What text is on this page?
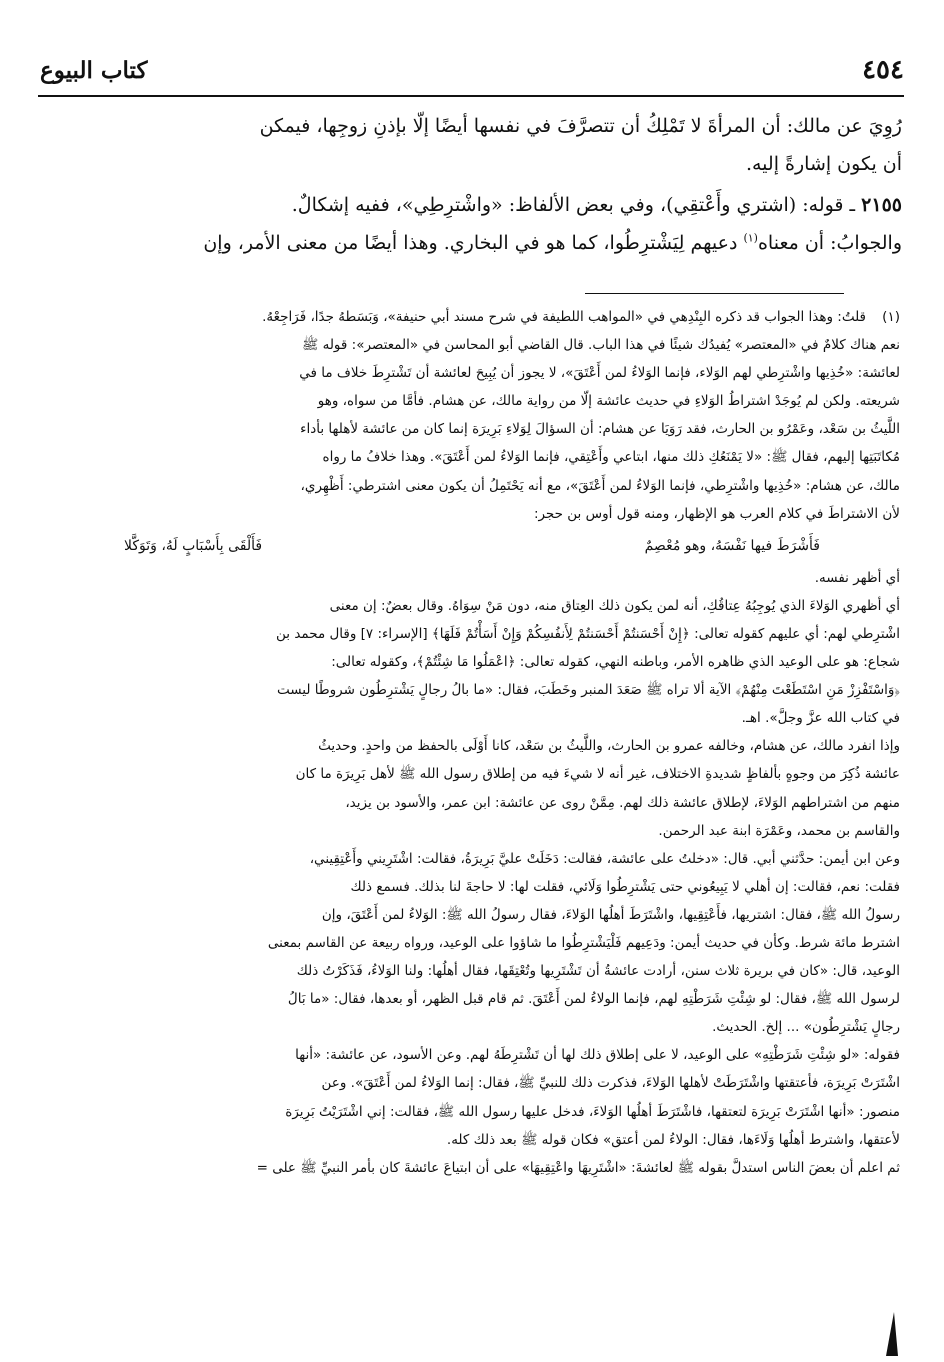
٤٥٤
كتاب البيوع

رُوِيَ عن مالك: أن المرأةَ لا تَمْلِكُ أن تتصرَّفَ في نفسها أيضًا إلّا بإذنِ زوجِها، فيمكن

أن يكون إشارةً إليه.

٢١٥٥ ـ قوله: (اشتري وأَعْتقِي)، وفي بعض الألفاظ: «واشْترِطِي»، ففيه إشكالٌ.

والجوابُ: أن معناه$^{(١)}$ دعيهم لِيَشْترِطُوا، كما هو في البخاري. وهذا أيضًا من معنى الأمر، وإن

(١)قلتُ: وهذا الجواب قد ذكره البِنْدِهي في «المواهب اللطيفة في شرح مسند أبي حنيفة»، وَبَسَطهُ جدًا، فَرَاجِعْهُ.

نعم هناك كلامٌ في «المعتصر» يُفيدُك شيئًا في هذا الباب. قال القاضي أبو المحاسن في «المعتصر»: قوله ﷺ

لعائشة: «خُذِيها واشْترِطي لهم الوَلاء، فإنما الوَلاءُ لمن أَعْتَقَ»، لا يجوز أن يُبِيحَ لعائشة أن تَشْترِطَ خلاف ما في

شريعته. ولكن لم يُوجَدْ اشتراطُ الوَلاءِ في حديث عائشة إلّا من رواية مالك، عن هشام. فأمَّا من سواه، وهو

اللَّيثُ بن سَعْد، وعَمْرُو بن الحارث، فقد رَوَيَا عن هشام: أن السؤالَ لِوَلاءِ بَرِيرَة إنما كان من عائشة لأهلها بأداء

مُكاتَبَتِها إليهم، فقال ﷺ: «لا يَمْنَعُكِ ذلك منها، ابتاعي وأَعْتِقي، فإنما الوَلاءُ لمن أَعْتَقَ». وهذا خلافُ ما رواه

مالك، عن هشام: «خُذِيها واشْترِطي، فإنما الوَلاءُ لمن أَعْتَقَ»، مع أنه يَحْتَمِلُ أن يكون معنى اشترطي: أَظْهِري،

لأن الاشتراطَ في كلام العرب هو الإظهار، ومنه قول أوس بن حجر:

فَأَشْرَطَ فيها نَفْسَهُ، وهو مُعْصِمٌ
فَأَلْقَى بِأَسْبَابٍ لَهُ، وَتَوَكَّلا

أي أظهر نفسه.

أي أظهري الوَلاءَ الذي يُوجِبُهُ عِتاقُكِ، أنه لمن يكون ذلك العِتاق منه، دون مَنْ سِوَاهُ. وقال بعضٌ: إن معنى

اشْترِطي لهم: أي عليهم كقوله تعالى: ﴿إِنْ أَحْسَنتُمْ أَحْسَنتُمْ لِأَنفُسِكُمْ وَإِنْ أَسَأْتُمْ فَلَهَا﴾ [الإسراء: ٧] وقال محمد بن

شجاع: هو على الوعيد الذي ظاهره الأمر، وباطنه النهي، كقوله تعالى: ﴿اعْمَلُوا مَا شِئْتُمْ﴾، وكقوله تعالى:

﴿وَاسْتَفْزِزْ مَنِ اسْتَطَعْتَ مِنْهُمْ﴾ الآية ألا تراه ﷺ صَعَدَ المنبر وخَطَبَ، فقال: «ما بالُ رجالٍ يَشْترِطُون شروطًا ليست

في كتاب الله عزَّ وجلَّ». اهـ.

وإذا انفرد مالك، عن هشام، وخالفه عمرو بن الحارث، واللَّيثُ بن سَعْد، كانا أَوْلَى بالحفظ من واحدٍ. وحديثُ

عائشة ذُكِرَ من وجوهٍ بألفاظٍ شديدةِ الاختلاف، غير أنه لا شيءَ فيه من إطلاق رسول الله ﷺ لأهل بَرِيرَة ما كان

منهم من اشتراطهم الوَلاءَ، لإطلاق عائشة ذلك لهم. مِمَّنْ روى عن عائشة: ابن عمر، والأسود بن يزيد،

والقاسم بن محمد، وعَمْرَة ابنة عبد الرحمن.

وعن ابن أيمن: حدَّثني أبي. قال: «دخلتُ على عائشة، فقالت: دَخَلَتْ عليَّ بَرِيرَةُ، فقالت: اشْتَرِيني وأَعْتِقِيني،

فقلت: نعم، فقالت: إن أهلي لا يَبِيعُوني حتى يَشْترِطُوا وَلَائي، فقلت لها: لا حاجةَ لنا بذلك. فسمع ذلك

رسولُ الله ﷺ، فقال: اشتريها، فأَعْتِقِيها، واشْتَرَطَ أهلُها الوَلاءَ، فقال رسولُ الله ﷺ: الوَلاءُ لمن أَعْتَقَ، وإن

اشترط مائة شرط. وكأن في حديث أيمن: ودَعِيهم فَلْيَشْترِطُوا ما شاؤوا على الوعيد، ورواه ربيعة عن القاسم بمعنى

الوعيد، قال: «كان في بريرة ثلاث سنن، أرادت عائشةُ أن تَشْتَرِيها وتُعْتِقَها، فقال أهلُها: ولنا الوَلاءُ، فَذَكَرْتُ ذلك

لرسول الله ﷺ، فقال: لو شِئْتِ شَرَطْتِهِ لهم، فإنما الولاءُ لمن أَعْتَقَ. ثم قام قبل الظهر، أو بعدها، فقال: «ما بَالُ

رجالٍ يَشْترِطُون» ... إلخ. الحديث.

فقوله: «لو شِئْتِ شَرَطْتِهِ» على الوعيد، لا على إطلاق ذلك لها أن تَشْترِطَهُ لهم. وعن الأسود، عن عائشة: «أنها

اشْتَرَتْ بَرِيرَة، فأعتقتها واشْتَرَطَتْ لأهلها الوَلاءَ، فذكرت ذلك للنبيِّ ﷺ، فقال: إنما الوَلاءُ لمن أَعْتَقَ». وعن

منصور: «أنها اشْتَرَتْ بَرِيرَة لتعتقها، فاشْتَرَطَ أهلُها الوَلاءَ، فدخل عليها رسول الله ﷺ، فقالت: إني اشْتَرَيْتُ بَرِيرَة

لأعتقها، واشترط أهلُها وَلَاءَها، فقال: الولاءُ لمن أعتق» فكان قوله ﷺ بعد ذلك كله.

ثم اعلم أن بعضَ الناس استدلَّ بقوله ﷺ لعائشةَ: «اشْتَرِيهَا واعْتِقِيهَا» على أن ابتياعَ عائشةَ كان بأمر النبيِّ ﷺ على =
